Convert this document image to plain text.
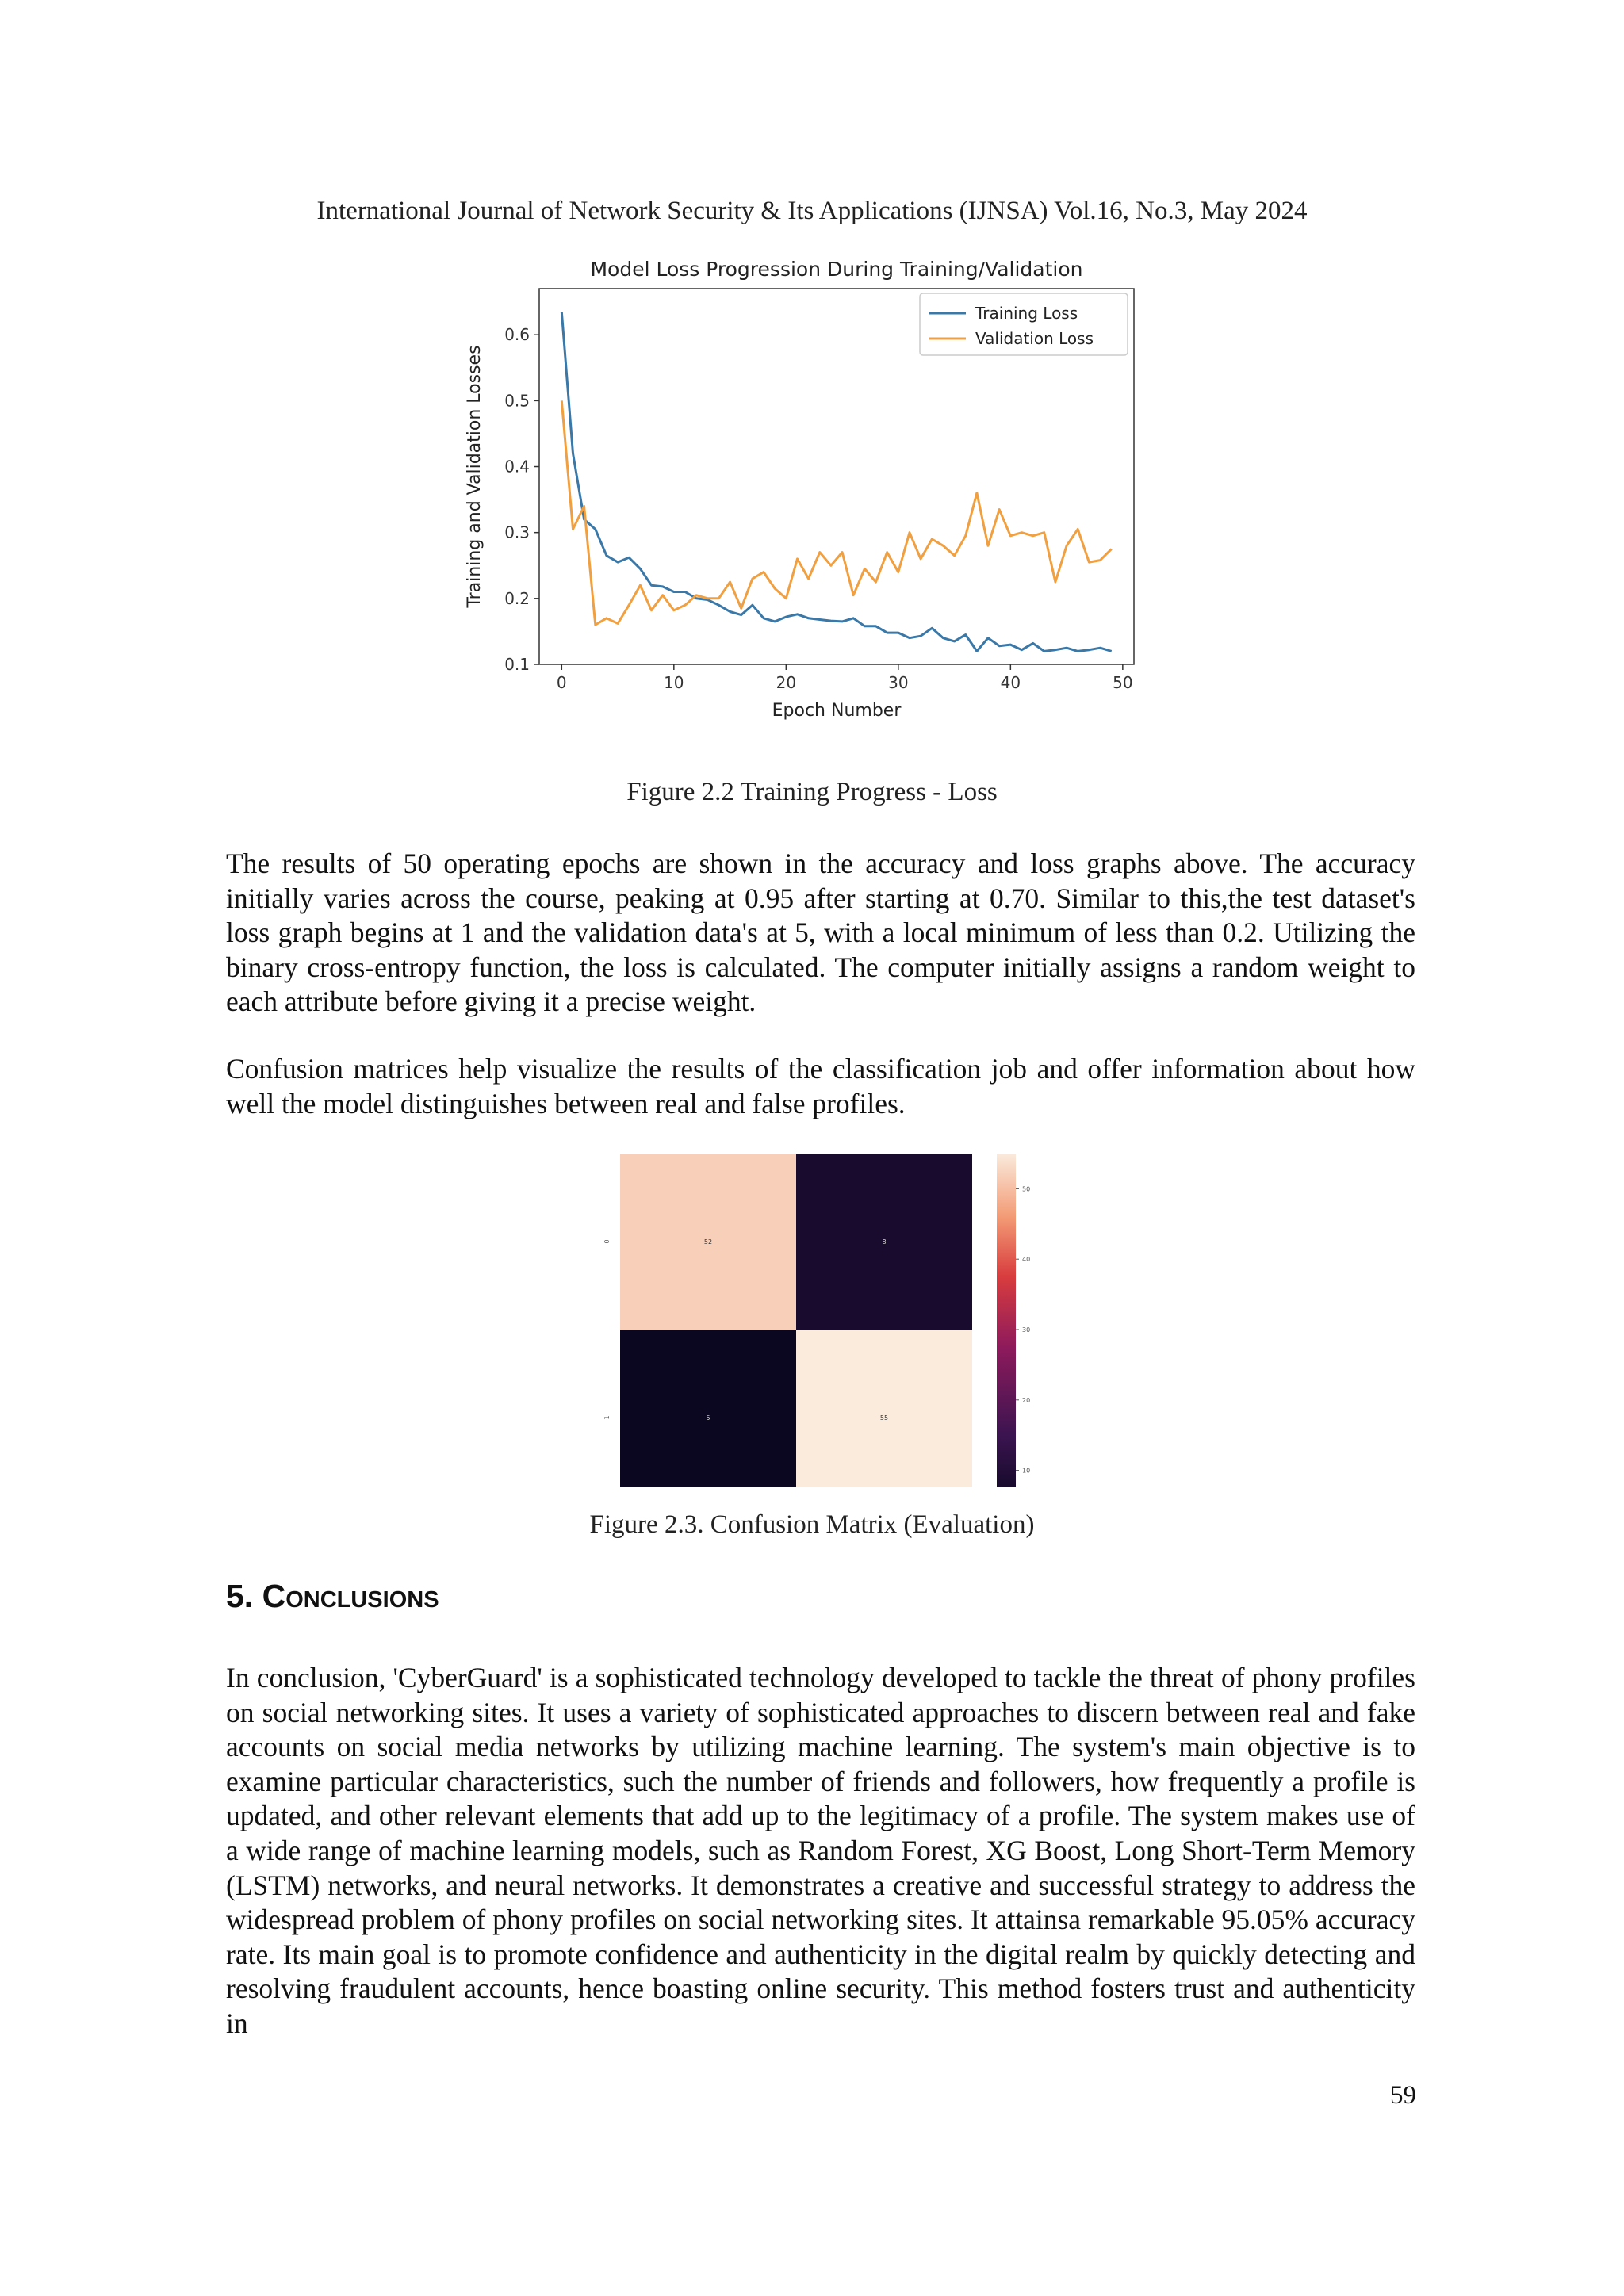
International Journal of Network Security & Its Applications (IJNSA) Vol.16, No.3, May 2024
Model Loss Progression During Training/Validation
0	10	20	30	40	50
0.1
0.2
0.3
0.4
0.5
0.6
Epoch Number
Training and Validation Losses
Training Loss
Validation Loss
Figure 2.2 Training Progress - Loss

The results of 50 operating epochs are shown in the accuracy and loss graphs above. The accuracy initially varies across the course, peaking at 0.95 after starting at 0.70. Similar to this,the test dataset's loss graph begins at 1 and the validation data's at 5, with a local minimum of less than 0.2. Utilizing the binary cross-entropy function, the loss is calculated. The computer initially assigns a random weight to each attribute before giving it a precise weight.

Confusion matrices help visualize the results of the classification job and offer information about how well the model distinguishes between real and false profiles.

52	8
5	55
0
1
10
20
30
40
50
Figure 2.3. Confusion Matrix (Evaluation)
5. Conclusions

In conclusion, 'CyberGuard' is a sophisticated technology developed to tackle the threat of phony profiles on social networking sites. It uses a variety of sophisticated approaches to discern between real and fake accounts on social media networks by utilizing machine learning. The system's main objective is to examine particular characteristics, such the number of friends and followers, how frequently a profile is updated, and other relevant elements that add up to the legitimacy of a profile. The system makes use of a wide range of machine learning models, such as Random Forest, XG Boost, Long Short-Term Memory (LSTM) networks, and neural networks. It demonstrates a creative and successful strategy to address the widespread problem of phony profiles on social networking sites. It attainsa remarkable 95.05% accuracy rate. Its main goal is to promote confidence and authenticity in the digital realm by quickly detecting and resolving fraudulent accounts, hence boasting online security. This method fosters trust and authenticity in

59
